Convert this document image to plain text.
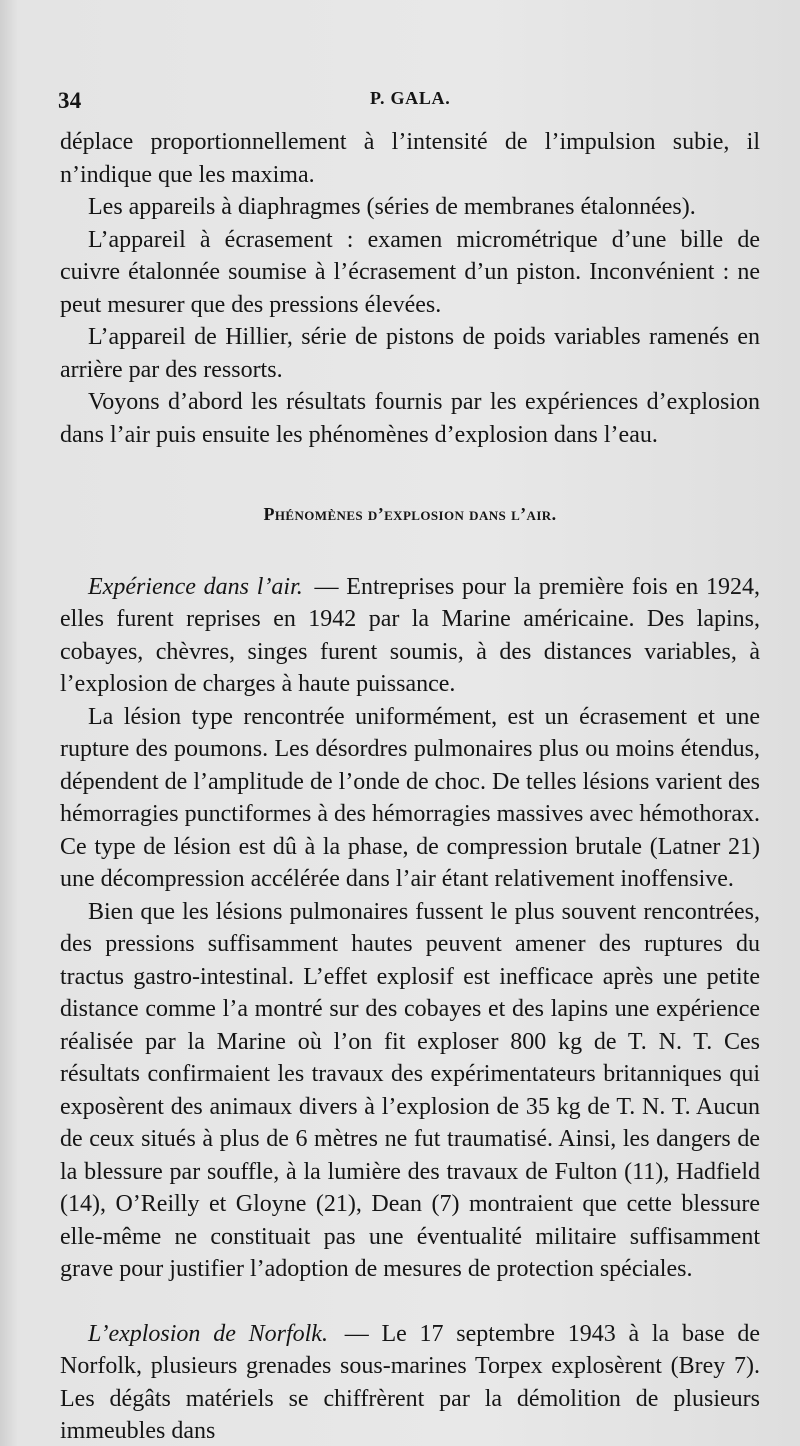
34	P. GALA.

déplace proportionnellement à l’intensité de l’impulsion subie, il n’indique que les maxima.

Les appareils à diaphragmes (séries de membranes étalonnées).

L’appareil à écrasement : examen micrométrique d’une bille de cuivre étalonnée soumise à l’écrasement d’un piston. Inconvénient : ne peut mesurer que des pressions élevées.

L’appareil de Hillier, série de pistons de poids variables ramenés en arrière par des ressorts.

Voyons d’abord les résultats fournis par les expériences d’explosion dans l’air puis ensuite les phénomènes d’explosion dans l’eau.

Phénomènes d’explosion dans l’air.

Expérience dans l’air. — Entreprises pour la première fois en 1924, elles furent reprises en 1942 par la Marine américaine. Des lapins, cobayes, chèvres, singes furent soumis, à des distances variables, à l’explosion de charges à haute puissance.

La lésion type rencontrée uniformément, est un écrasement et une rupture des poumons. Les désordres pulmonaires plus ou moins étendus, dépendent de l’amplitude de l’onde de choc. De telles lésions varient des hémorragies punctiformes à des hémorragies massives avec hémothorax. Ce type de lésion est dû à la phase, de compression brutale (Latner 21) une décompression accélérée dans l’air étant relativement inoffensive.

Bien que les lésions pulmonaires fussent le plus souvent rencontrées, des pressions suffisamment hautes peuvent amener des ruptures du tractus gastro-intestinal. L’effet explosif est inefficace après une petite distance comme l’a montré sur des cobayes et des lapins une expérience réalisée par la Marine où l’on fit exploser 800 kg de T. N. T. Ces résultats confirmaient les travaux des expérimentateurs britanniques qui exposèrent des animaux divers à l’explosion de 35 kg de T. N. T. Aucun de ceux situés à plus de 6 mètres ne fut traumatisé. Ainsi, les dangers de la blessure par souffle, à la lumière des travaux de Fulton (11), Hadfield (14), O’Reilly et Gloyne (21), Dean (7) montraient que cette blessure elle-même ne constituait pas une éventualité militaire suffisamment grave pour justifier l’adoption de mesures de protection spéciales.

L’explosion de Norfolk. — Le 17 septembre 1943 à la base de Norfolk, plusieurs grenades sous-marines Torpex explosèrent (Brey 7). Les dégâts matériels se chiffrèrent par la démolition de plusieurs immeubles dans
